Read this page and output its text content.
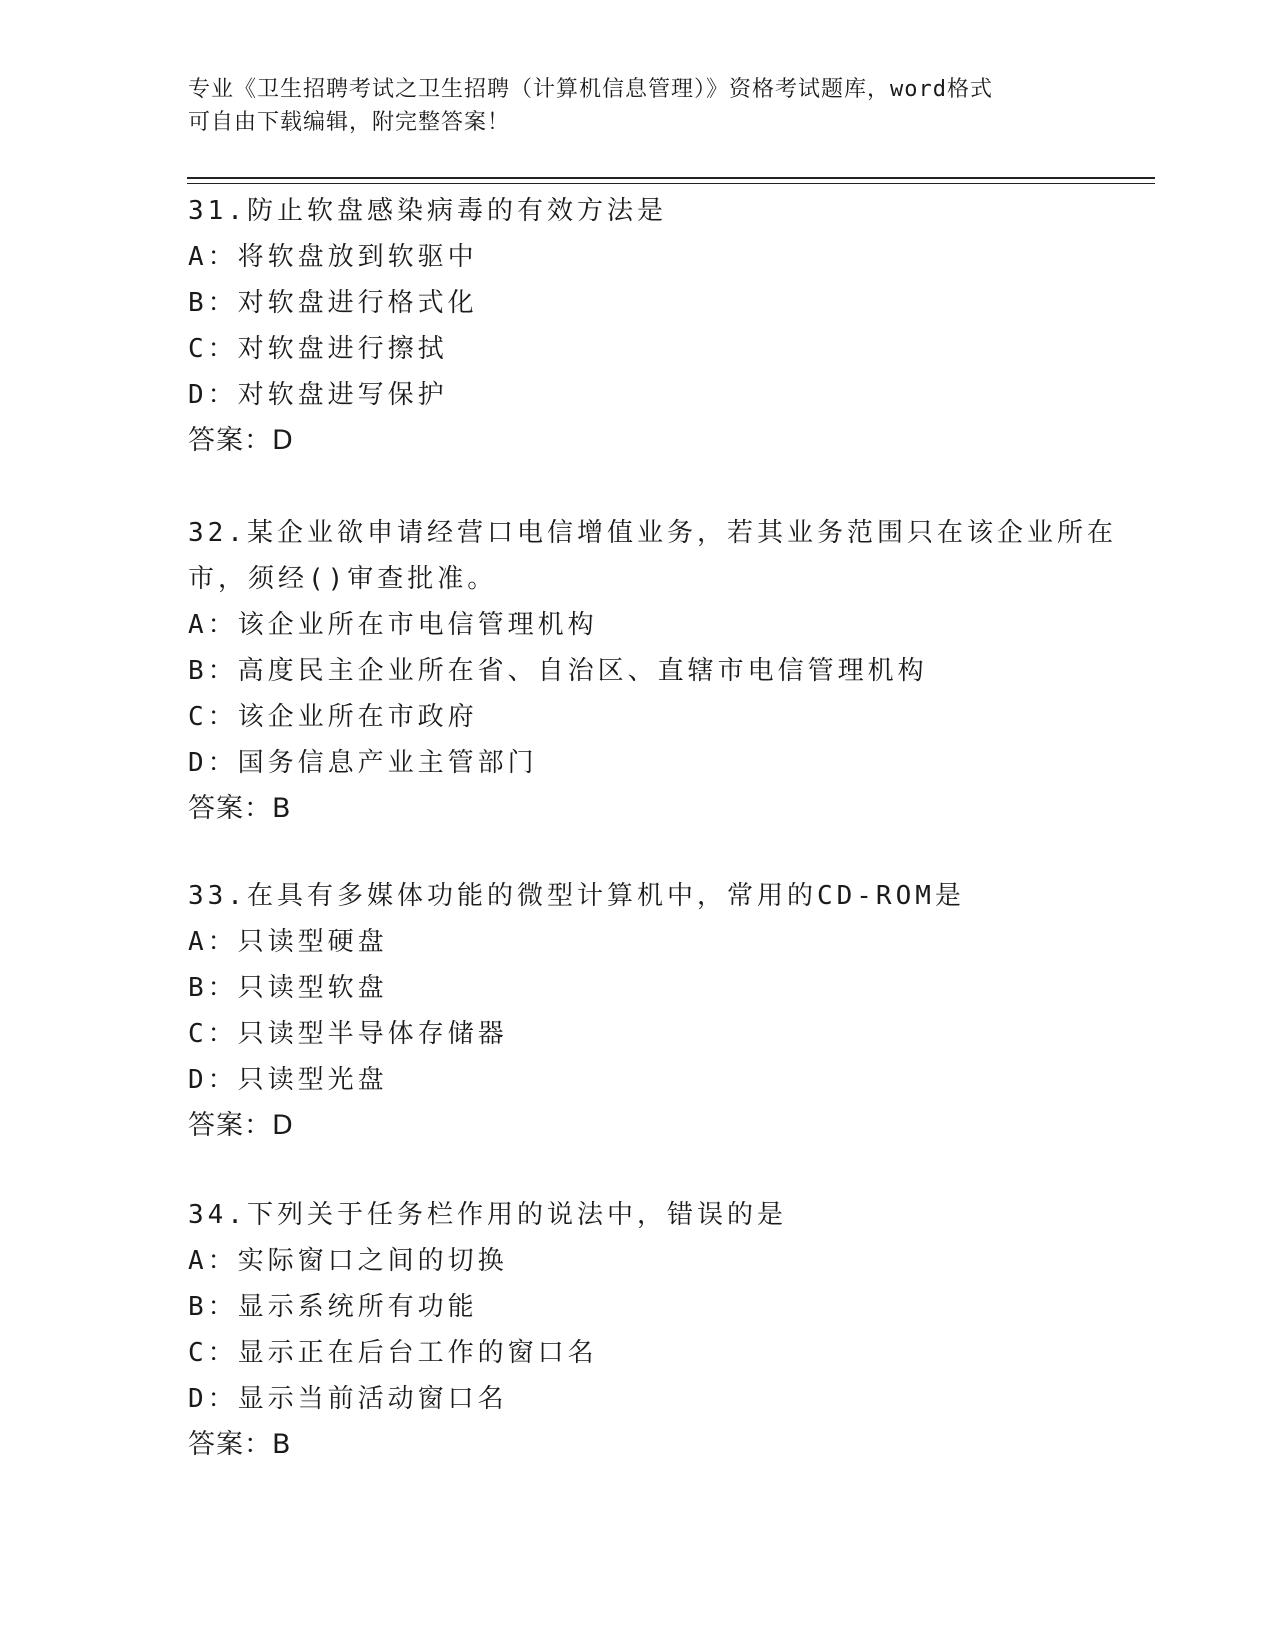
专业《卫生招聘考试之卫生招聘（计算机信息管理）》资格考试题库，word格式
可自由下载编辑，附完整答案！
31.防止软盘感染病毒的有效方法是
A：将软盘放到软驱中
B：对软盘进行格式化
C：对软盘进行擦拭
D：对软盘进写保护
答案：D
32.某企业欲申请经营口电信增值业务，若其业务范围只在该企业所在
市，须经()审查批准。
A：该企业所在市电信管理机构
B：高度民主企业所在省、自治区、直辖市电信管理机构
C：该企业所在市政府
D：国务信息产业主管部门
答案：B
33.在具有多媒体功能的微型计算机中，常用的CD-ROM是
A：只读型硬盘
B：只读型软盘
C：只读型半导体存储器
D：只读型光盘
答案：D
34.下列关于任务栏作用的说法中，错误的是
A：实际窗口之间的切换
B：显示系统所有功能
C：显示正在后台工作的窗口名
D：显示当前活动窗口名
答案：B
